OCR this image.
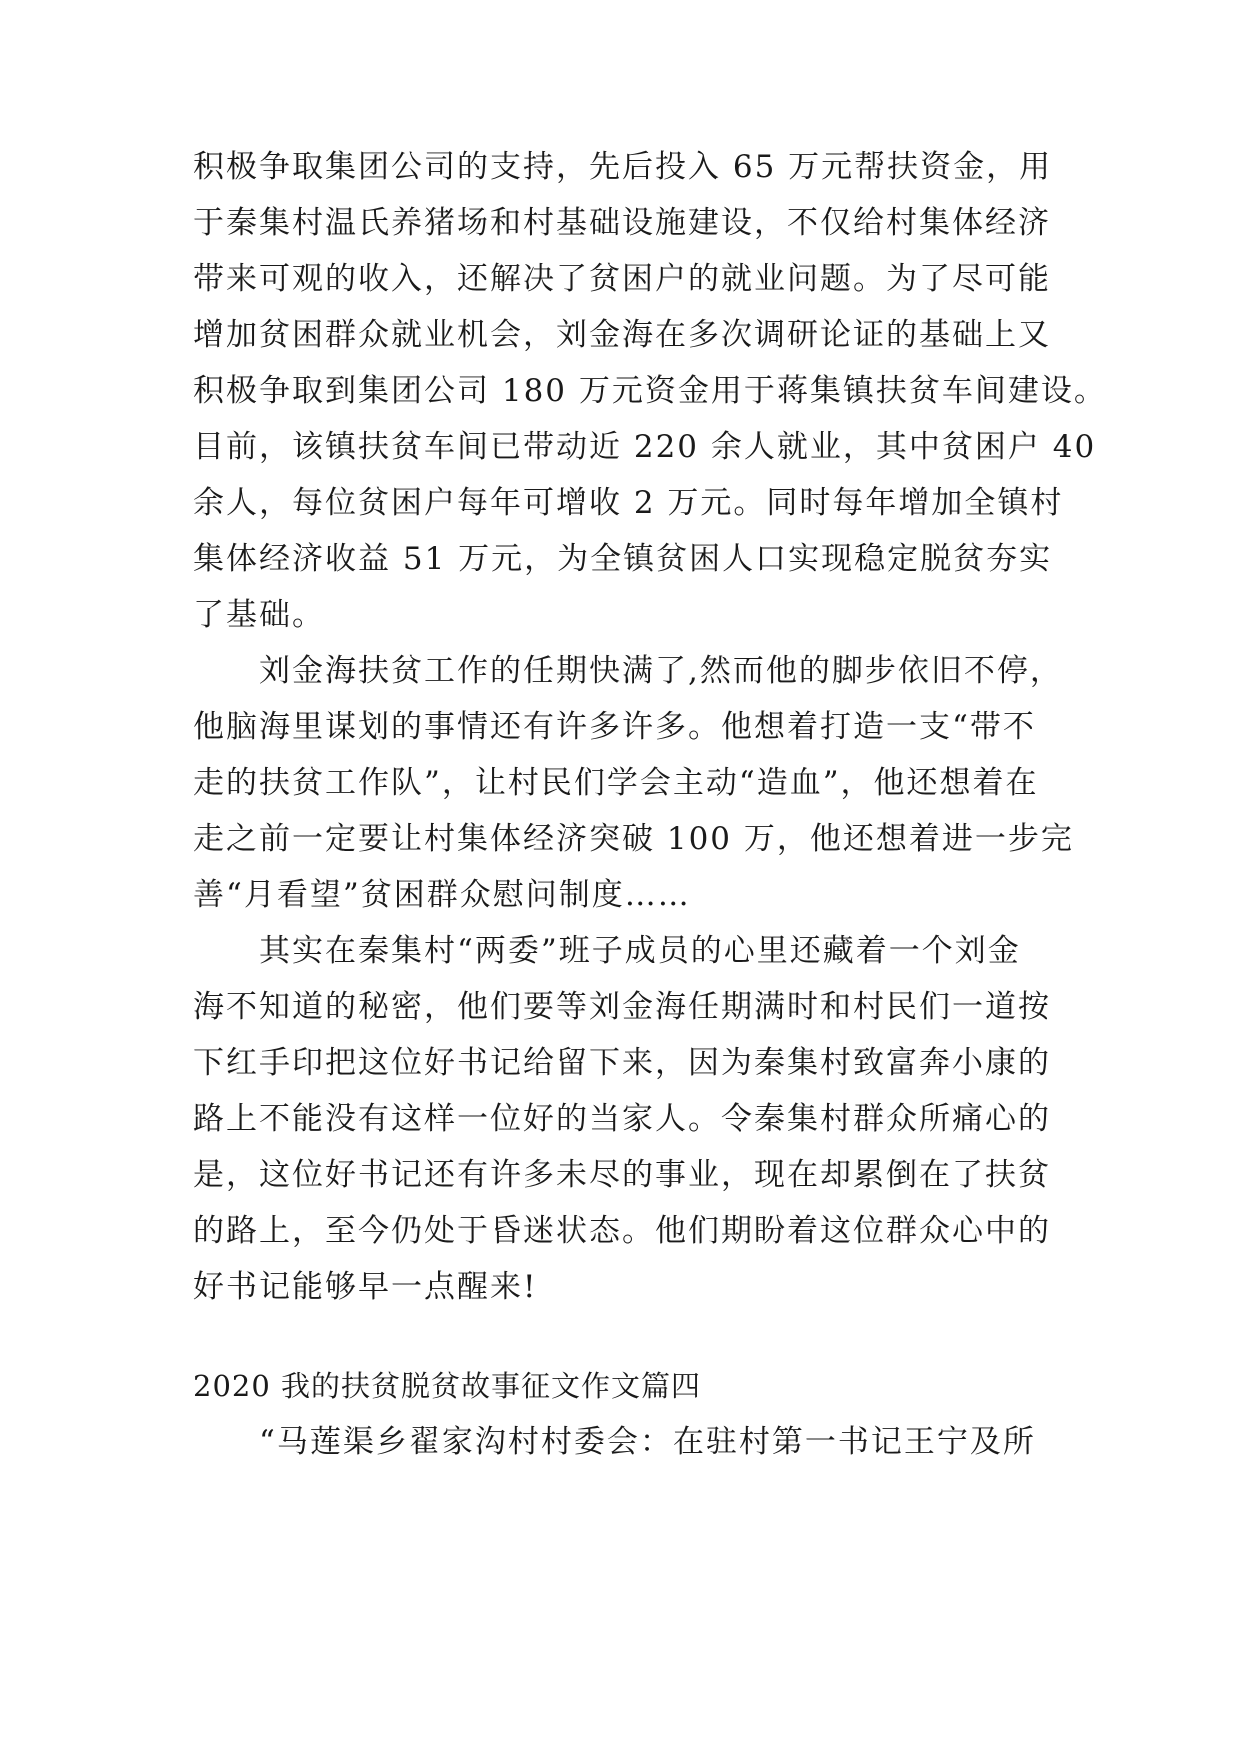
积极争取集团公司的支持，先后投入 65 万元帮扶资金，用
于秦集村温氏养猪场和村基础设施建设，不仅给村集体经济
带来可观的收入，还解决了贫困户的就业问题。为了尽可能
增加贫困群众就业机会，刘金海在多次调研论证的基础上又
积极争取到集团公司 180 万元资金用于蒋集镇扶贫车间建设。
目前，该镇扶贫车间已带动近 220 余人就业，其中贫困户 40
余人，每位贫困户每年可增收 2 万元。同时每年增加全镇村
集体经济收益 51 万元，为全镇贫困人口实现稳定脱贫夯实
了基础。
　　刘金海扶贫工作的任期快满了,然而他的脚步依旧不停，
他脑海里谋划的事情还有许多许多。他想着打造一支“带不
走的扶贫工作队”，让村民们学会主动“造血”，他还想着在
走之前一定要让村集体经济突破 100 万，他还想着进一步完
善“月看望”贫困群众慰问制度……
　　其实在秦集村“两委”班子成员的心里还藏着一个刘金
海不知道的秘密，他们要等刘金海任期满时和村民们一道按
下红手印把这位好书记给留下来，因为秦集村致富奔小康的
路上不能没有这样一位好的当家人。令秦集村群众所痛心的
是，这位好书记还有许多未尽的事业，现在却累倒在了扶贫
的路上，至今仍处于昏迷状态。他们期盼着这位群众心中的
好书记能够早一点醒来!
2020 我的扶贫脱贫故事征文作文篇四
　　“马莲渠乡翟家沟村村委会：在驻村第一书记王宁及所
